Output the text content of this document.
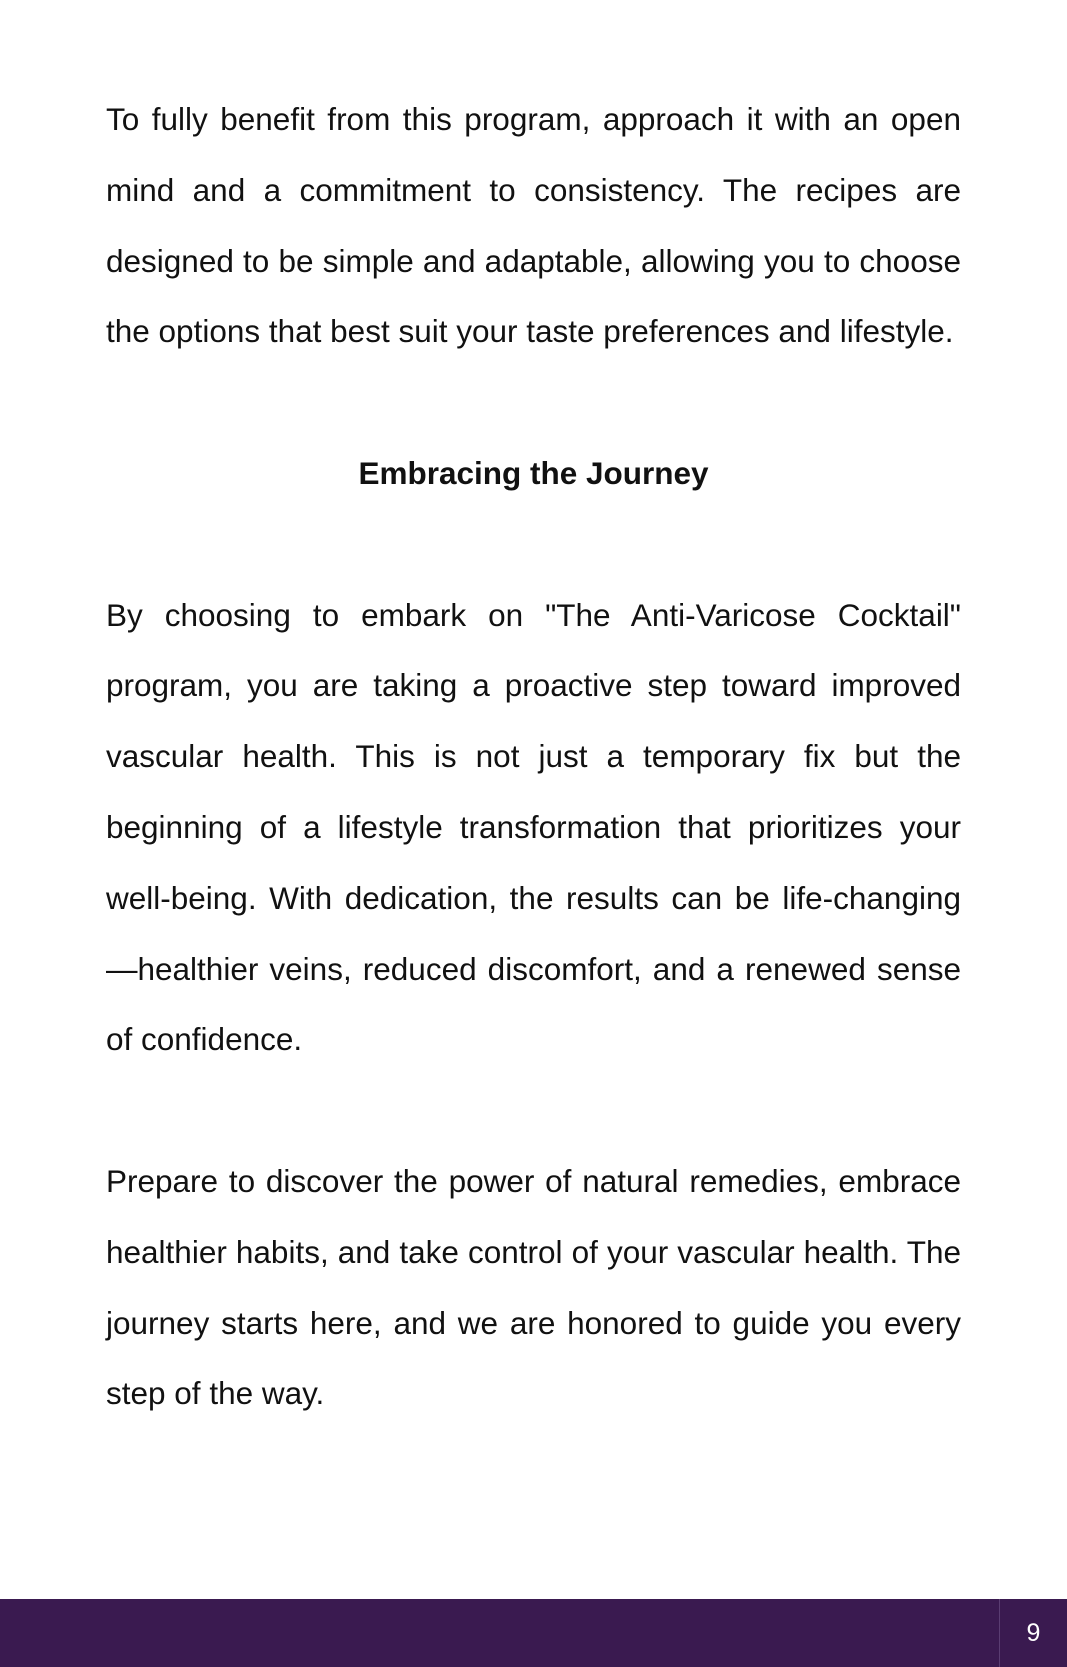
To fully benefit from this program, approach it with an open mind and a commitment to consistency. The recipes are designed to be simple and adaptable, allowing you to choose the options that best suit your taste preferences and lifestyle.

Embracing the Journey

By choosing to embark on "The Anti-Varicose Cocktail" program, you are taking a proactive step toward improved vascular health. This is not just a temporary fix but the beginning of a lifestyle transformation that prioritizes your well-being. With dedication, the results can be life-changing—healthier veins, reduced discomfort, and a renewed sense of confidence.

Prepare to discover the power of natural remedies, embrace healthier habits, and take control of your vascular health. The journey starts here, and we are honored to guide you every step of the way.

9
